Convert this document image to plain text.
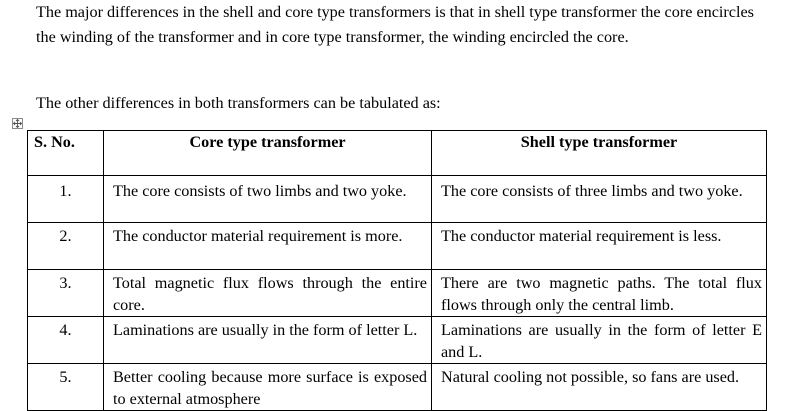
The major differences in the shell and core type transformers is that in shell type transformer the core encircles the winding of the transformer and in core type transformer, the winding encircled the core.

The other differences in both transformers can be tabulated as:

S. No.	Core type transformer	Shell type transformer
1.	The core consists of two limbs and two yoke.	The core consists of three limbs and two yoke.
2.	The conductor material requirement is more.	The conductor material requirement is less.
3.	Total magnetic flux flows through the entire core.	There are two magnetic paths. The total flux flows through only the central limb.
4.	Laminations are usually in the form of letter L.	Laminations are usually in the form of letter E and L.
5.	Better cooling because more surface is exposed to external atmosphere	Natural cooling not possible, so fans are used.
